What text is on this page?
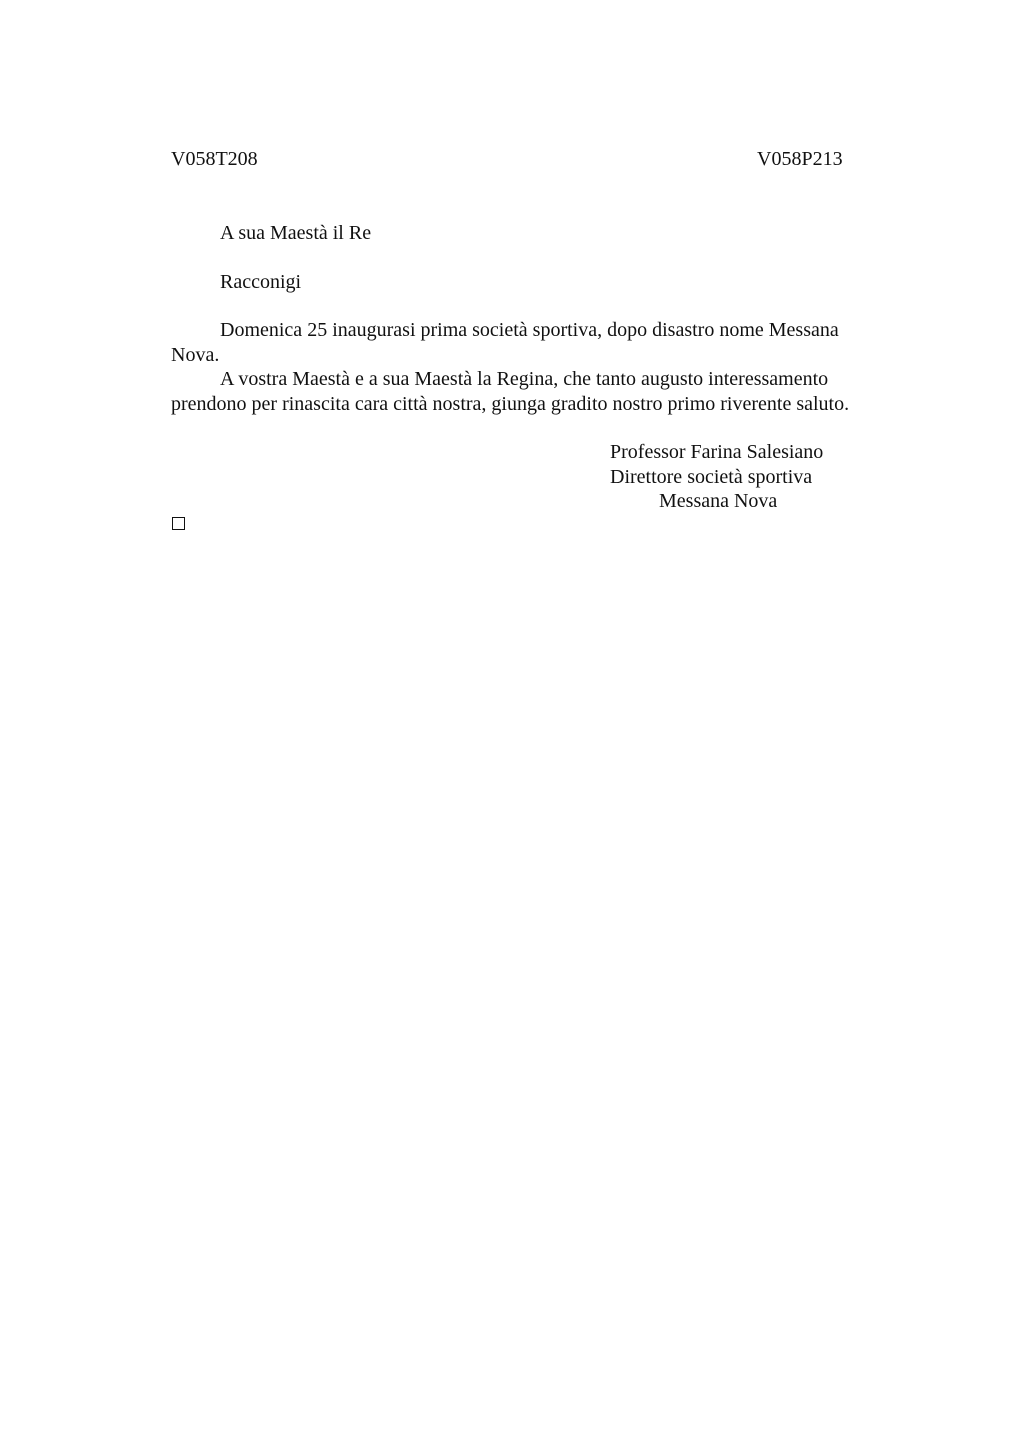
V058T208	V058P213
A sua Maestà il Re
Racconigi

Domenica 25 inaugurasi prima società sportiva, dopo disastro nome Messana Nova.

A vostra Maestà e a sua Maestà la Regina, che tanto augusto interessamento prendono per rinascita cara città nostra, giunga gradito nostro primo riverente saluto.

Professor Farina Salesiano
Direttore società sportiva
Messana Nova
